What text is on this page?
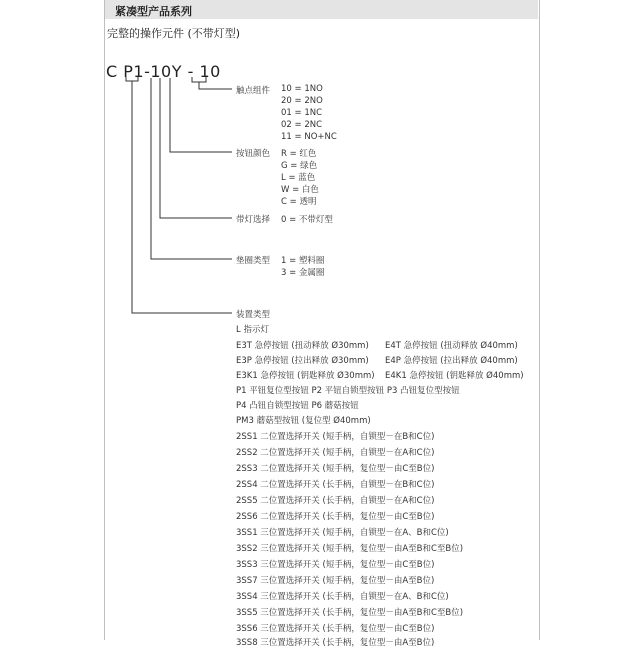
紧凑型产品系列
完整的操作元件 (不带灯型)
C P1-10Y - 10
触点组件 10 = 1NO
20 = 2NO
01 = 1NC
02 = 2NC
11 = NO+NC
按钮颜色 R = 红色
G = 绿色
L = 蓝色
W = 白色
C = 透明
带灯选择 0 = 不带灯型
垫圈类型 1 = 塑料圈
3 = 金属圈
装置类型
L 指示灯
E3T 急停按钮 (扭动释放 Ø30mm) E4T 急停按钮 (扭动释放 Ø40mm)
E3P 急停按钮 (拉出释放 Ø30mm) E4P 急停按钮 (拉出释放 Ø40mm)
E3K1 急停按钮 (钥匙释放 Ø30mm) E4K1 急停按钮 (钥匙释放 Ø40mm)
P1 平钮复位型按钮 P2 平钮自锁型按钮 P3 凸钮复位型按钮
P4 凸钮自锁型按钮 P6 蘑菇按钮
PM3 蘑菇型按钮 (复位型 Ø40mm)
2SS1 二位置选择开关 (短手柄，自锁型－在B和C位)
2SS2 二位置选择开关 (短手柄，自锁型－在A和C位)
2SS3 二位置选择开关 (短手柄，复位型－由C至B位)
2SS4 二位置选择开关 (长手柄，自锁型－在B和C位)
2SS5 二位置选择开关 (长手柄，自锁型－在A和C位)
2SS6 二位置选择开关 (长手柄，复位型－由C至B位)
3SS1 三位置选择开关 (短手柄，自锁型－在A、B和C位)
3SS2 三位置选择开关 (短手柄，复位型－由A至B和C至B位)
3SS3 三位置选择开关 (短手柄，复位型－由C至B位)
3SS7 三位置选择开关 (短手柄，复位型－由A至B位)
3SS4 三位置选择开关 (长手柄，自锁型－在A、B和C位)
3SS5 三位置选择开关 (长手柄，复位型－由A至B和C至B位)
3SS6 三位置选择开关 (长手柄，复位型－由C至B位)
3SS8 三位置选择开关 (长手柄，复位型－由A至B位)
